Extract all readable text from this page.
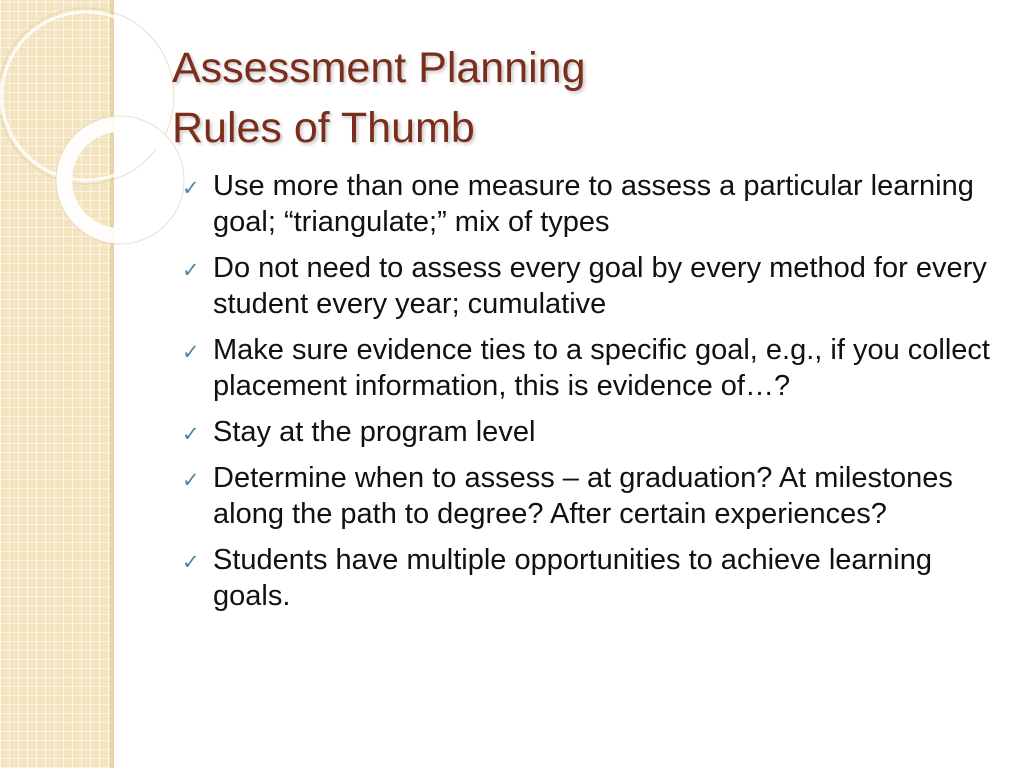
Assessment Planning
Rules of Thumb
✓ Use more than one measure to assess a particular learning goal; “triangulate;” mix of types
✓ Do not need to assess every goal by every method for every student every year; cumulative
✓ Make sure evidence ties to a specific goal, e.g., if you collect placement information, this is evidence of…?
✓ Stay at the program level
✓ Determine when to assess – at graduation? At milestones along the path to degree? After certain experiences?
✓ Students have multiple opportunities to achieve learning goals.
